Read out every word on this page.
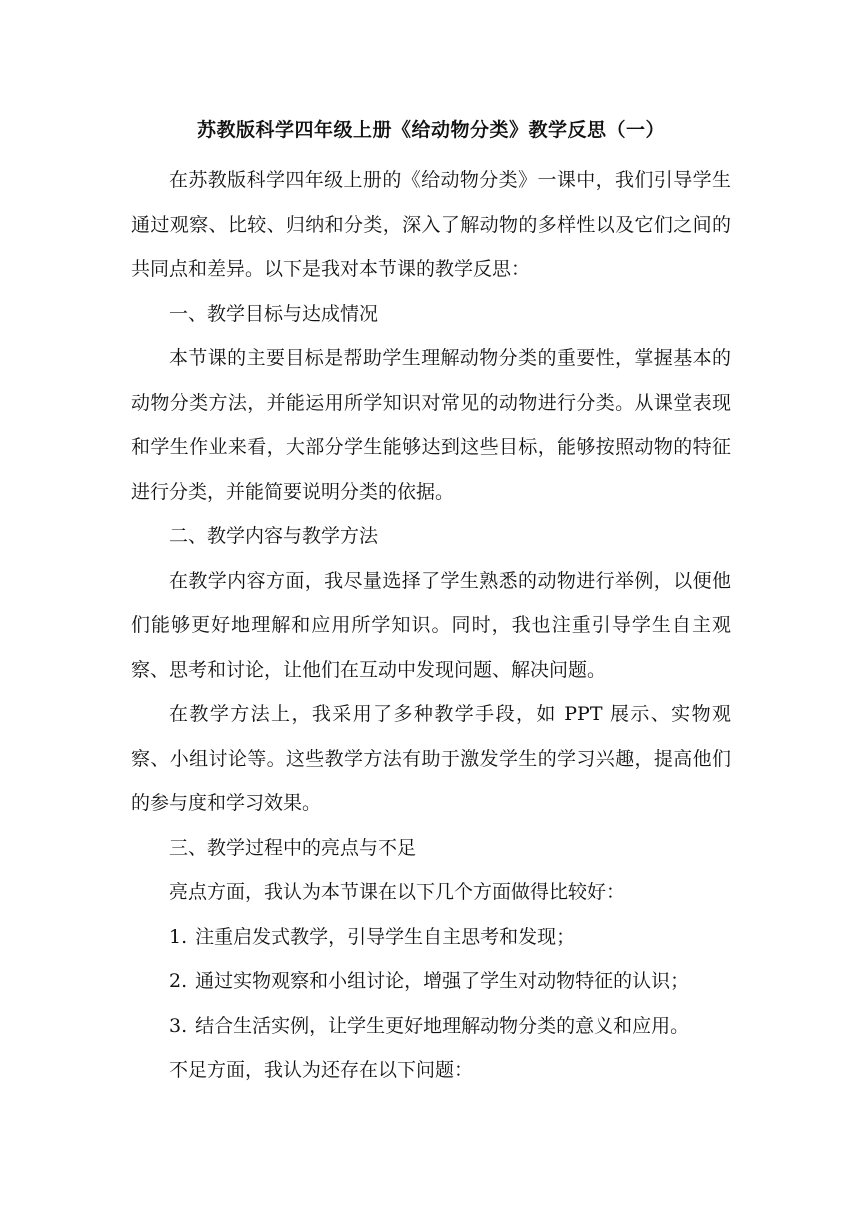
苏教版科学四年级上册《给动物分类》教学反思（一）

在苏教版科学四年级上册的《给动物分类》一课中，我们引导学生通过观察、比较、归纳和分类，深入了解动物的多样性以及它们之间的共同点和差异。以下是我对本节课的教学反思：

一、教学目标与达成情况

本节课的主要目标是帮助学生理解动物分类的重要性，掌握基本的动物分类方法，并能运用所学知识对常见的动物进行分类。从课堂表现和学生作业来看，大部分学生能够达到这些目标，能够按照动物的特征进行分类，并能简要说明分类的依据。

二、教学内容与教学方法

在教学内容方面，我尽量选择了学生熟悉的动物进行举例，以便他们能够更好地理解和应用所学知识。同时，我也注重引导学生自主观察、思考和讨论，让他们在互动中发现问题、解决问题。

在教学方法上，我采用了多种教学手段，如 PPT 展示、实物观察、小组讨论等。这些教学方法有助于激发学生的学习兴趣，提高他们的参与度和学习效果。

三、教学过程中的亮点与不足

亮点方面，我认为本节课在以下几个方面做得比较好：

1. 注重启发式教学，引导学生自主思考和发现；

2. 通过实物观察和小组讨论，增强了学生对动物特征的认识；

3. 结合生活实例，让学生更好地理解动物分类的意义和应用。

不足方面，我认为还存在以下问题：
